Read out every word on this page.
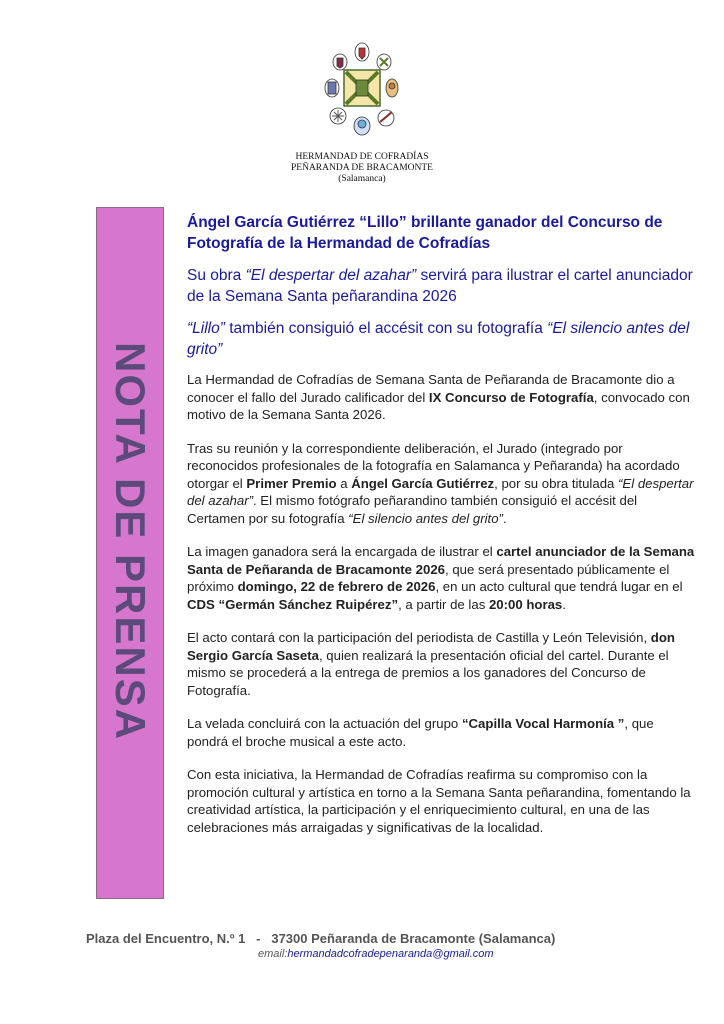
HERMANDAD DE COFRADÍAS
PEÑARANDA DE BRACAMONTE
(Salamanca)
NOTA DE PRENSA

Ángel García Gutiérrez “Lillo” brillante ganador del Concurso de Fotografía de la Hermandad de Cofradías

Su obra “El despertar del azahar” servirá para ilustrar el cartel anunciador de la Semana Santa peñarandina 2026

“Lillo” también consiguió el accésit con su fotografía “El silencio antes del grito”

La Hermandad de Cofradías de Semana Santa de Peñaranda de Bracamonte dio a conocer el fallo del Jurado calificador del IX Concurso de Fotografía, convocado con motivo de la Semana Santa 2026.

Tras su reunión y la correspondiente deliberación, el Jurado (integrado por reconocidos profesionales de la fotografía en Salamanca y Peñaranda) ha acordado otorgar el Primer Premio a Ángel García Gutiérrez, por su obra titulada “El despertar del azahar”. El mismo fotógrafo peñarandino también consiguió el accésit del Certamen por su fotografía “El silencio antes del grito”.

La imagen ganadora será la encargada de ilustrar el cartel anunciador de la Semana Santa de Peñaranda de Bracamonte 2026, que será presentado públicamente el próximo domingo, 22 de febrero de 2026, en un acto cultural que tendrá lugar en el CDS “Germán Sánchez Ruipérez”, a partir de las 20:00 horas.

El acto contará con la participación del periodista de Castilla y León Televisión, don Sergio García Saseta, quien realizará la presentación oficial del cartel. Durante el mismo se procederá a la entrega de premios a los ganadores del Concurso de Fotografía.

La velada concluirá con la actuación del grupo “Capilla Vocal Harmonía ”, que pondrá el broche musical a este acto.

Con esta iniciativa, la Hermandad de Cofradías reafirma su compromiso con la promoción cultural y artística en torno a la Semana Santa peñarandina, fomentando la creatividad artística, la participación y el enriquecimiento cultural, en una de las celebraciones más arraigadas y significativas de la localidad.

Plaza del Encuentro, N.º 1   -   37300 Peñaranda de Bracamonte (Salamanca)
email:hermandadcofradepenaranda@gmail.com
